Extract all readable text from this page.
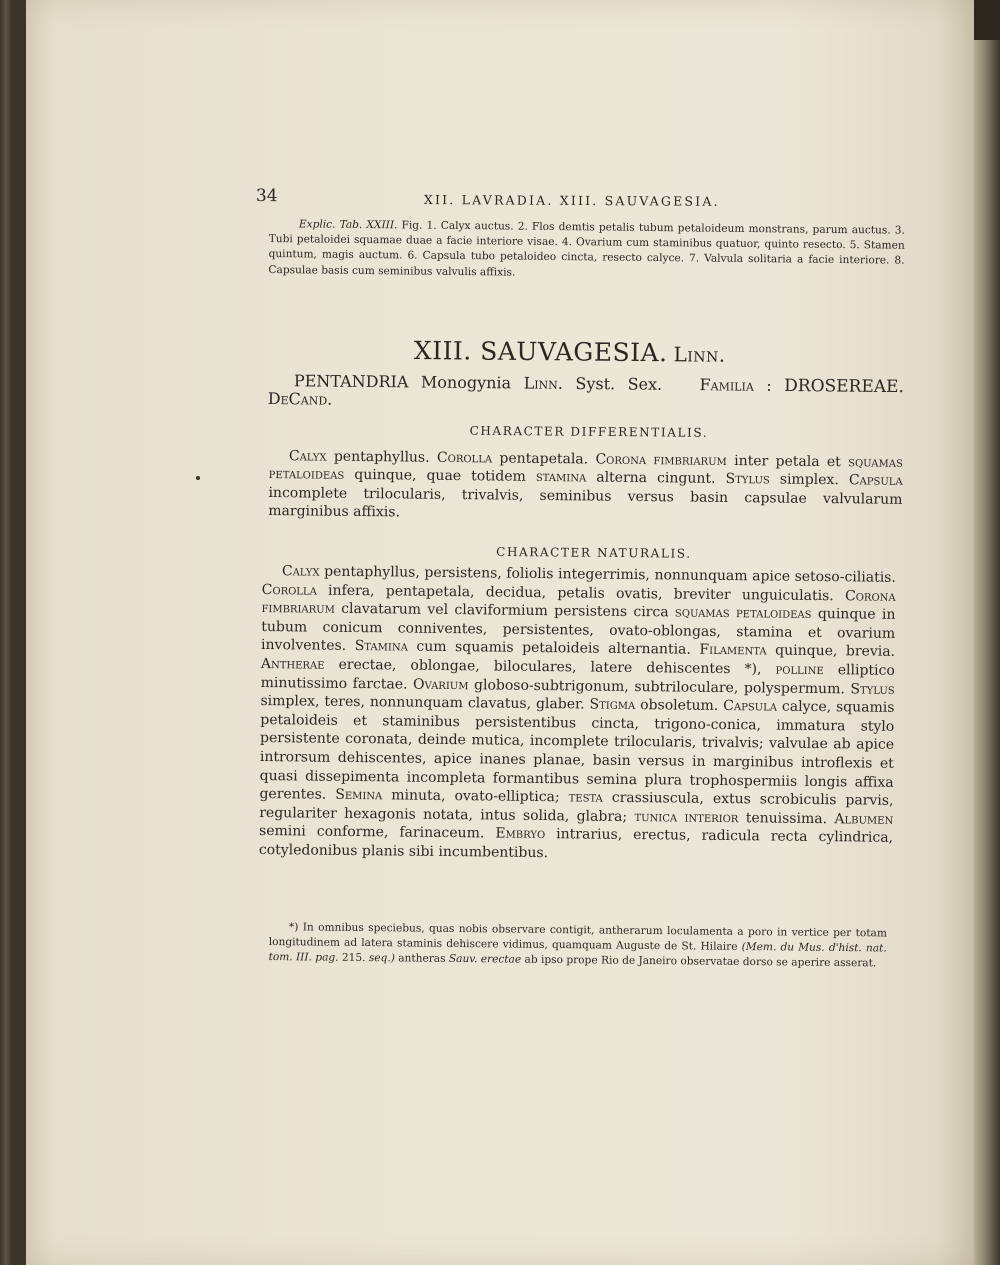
34	XII. LAVRADIA. XIII. SAUVAGESIA.

Explic. Tab. XXIII. Fig. 1. Calyx auctus. 2. Flos demtis petalis tubum petaloideum monstrans, parum auctus. 3. Tubi petaloidei squamae duae a facie interiore visae. 4. Ovarium cum staminibus quatuor, quinto resecto. 5. Stamen quintum, magis auctum. 6. Capsula tubo petaloideo cincta, resecto calyce. 7. Valvula solitaria a facie interiore. 8. Capsulae basis cum seminibus valvulis affixis.

XIII. SAUVAGESIA. Linn.

PENTANDRIA Monogynia Linn. Syst. Sex. Familia : DROSEREAE. DeCand.

CHARACTER DIFFERENTIALIS.

Calyx pentaphyllus. Corolla pentapetala. Corona fimbriarum inter petala et squamas petaloideas quinque, quae totidem stamina alterna cingunt. Stylus simplex. Capsula incomplete trilocularis, trivalvis, seminibus versus basin capsulae valvularum marginibus affixis.

CHARACTER NATURALIS.

Calyx pentaphyllus, persistens, foliolis integerrimis, nonnunquam apice setoso-ciliatis. Corolla infera, pentapetala, decidua, petalis ovatis, breviter unguiculatis. Corona fimbriarum clavatarum vel claviformium persistens circa squamas petaloideas quinque in tubum conicum conniventes, persistentes, ovato-oblongas, stamina et ovarium involventes. Stamina cum squamis petaloideis alternantia. Filamenta quinque, brevia. Antherae erectae, oblongae, biloculares, latere dehiscentes *), polline elliptico minutissimo farctae. Ovarium globoso-subtrigonum, subtriloculare, polyspermum. Stylus simplex, teres, nonnunquam clavatus, glaber. Stigma obsoletum. Capsula calyce, squamis petaloideis et staminibus persistentibus cincta, trigono-conica, immatura stylo persistente coronata, deinde mutica, incomplete trilocularis, trivalvis; valvulae ab apice introrsum dehiscentes, apice inanes planae, basin versus in marginibus introflexis et quasi dissepimenta incompleta formantibus semina plura trophospermiis longis affixa gerentes. Semina minuta, ovato-elliptica; testa crassiuscula, extus scrobiculis parvis, regulariter hexagonis notata, intus solida, glabra; tunica interior tenuissima. Albumen semini conforme, farinaceum. Embryo intrarius, erectus, radicula recta cylindrica, cotyledonibus planis sibi incumbentibus.

*) In omnibus speciebus, quas nobis observare contigit, antherarum loculamenta a poro in vertice per totam longitudinem ad latera staminis dehiscere vidimus, quamquam Auguste de St. Hilaire (Mem. du Mus. d'hist. nat. tom. III. pag. 215. seq.) antheras Sauv. erectae ab ipso prope Rio de Janeiro observatae dorso se aperire asserat.
